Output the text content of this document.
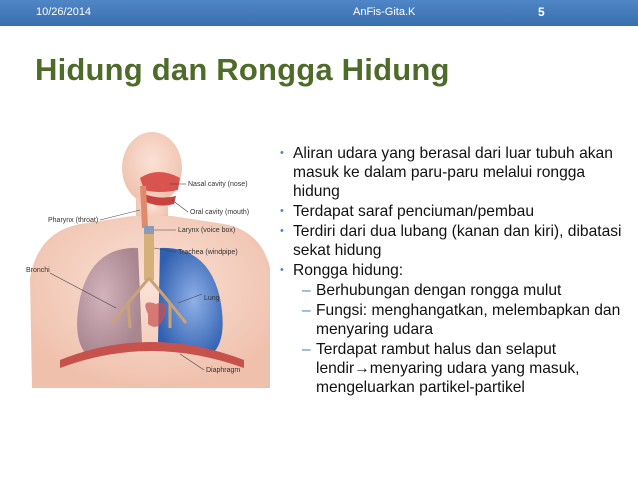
10/26/2014	AnFis-Gita.K	5
Hidung dan Rongga Hidung
Nasal cavity (nose)
Oral cavity (mouth)
Pharynx (throat)
Larynx (voice box)
Trachea (windpipe)
Bronchi
Lung
Diaphragm
• Aliran udara yang berasal dari luar tubuh akan masuk ke dalam paru-paru melalui rongga hidung
• Terdapat saraf penciuman/pembau
• Terdiri dari dua lubang (kanan dan kiri), dibatasi sekat hidung
• Rongga hidung:
– Berhubungan dengan rongga mulut
– Fungsi: menghangatkan, melembapkan dan menyaring udara
– Terdapat rambut halus dan selaput lendir→menyaring udara yang masuk, mengeluarkan partikel-partikel
